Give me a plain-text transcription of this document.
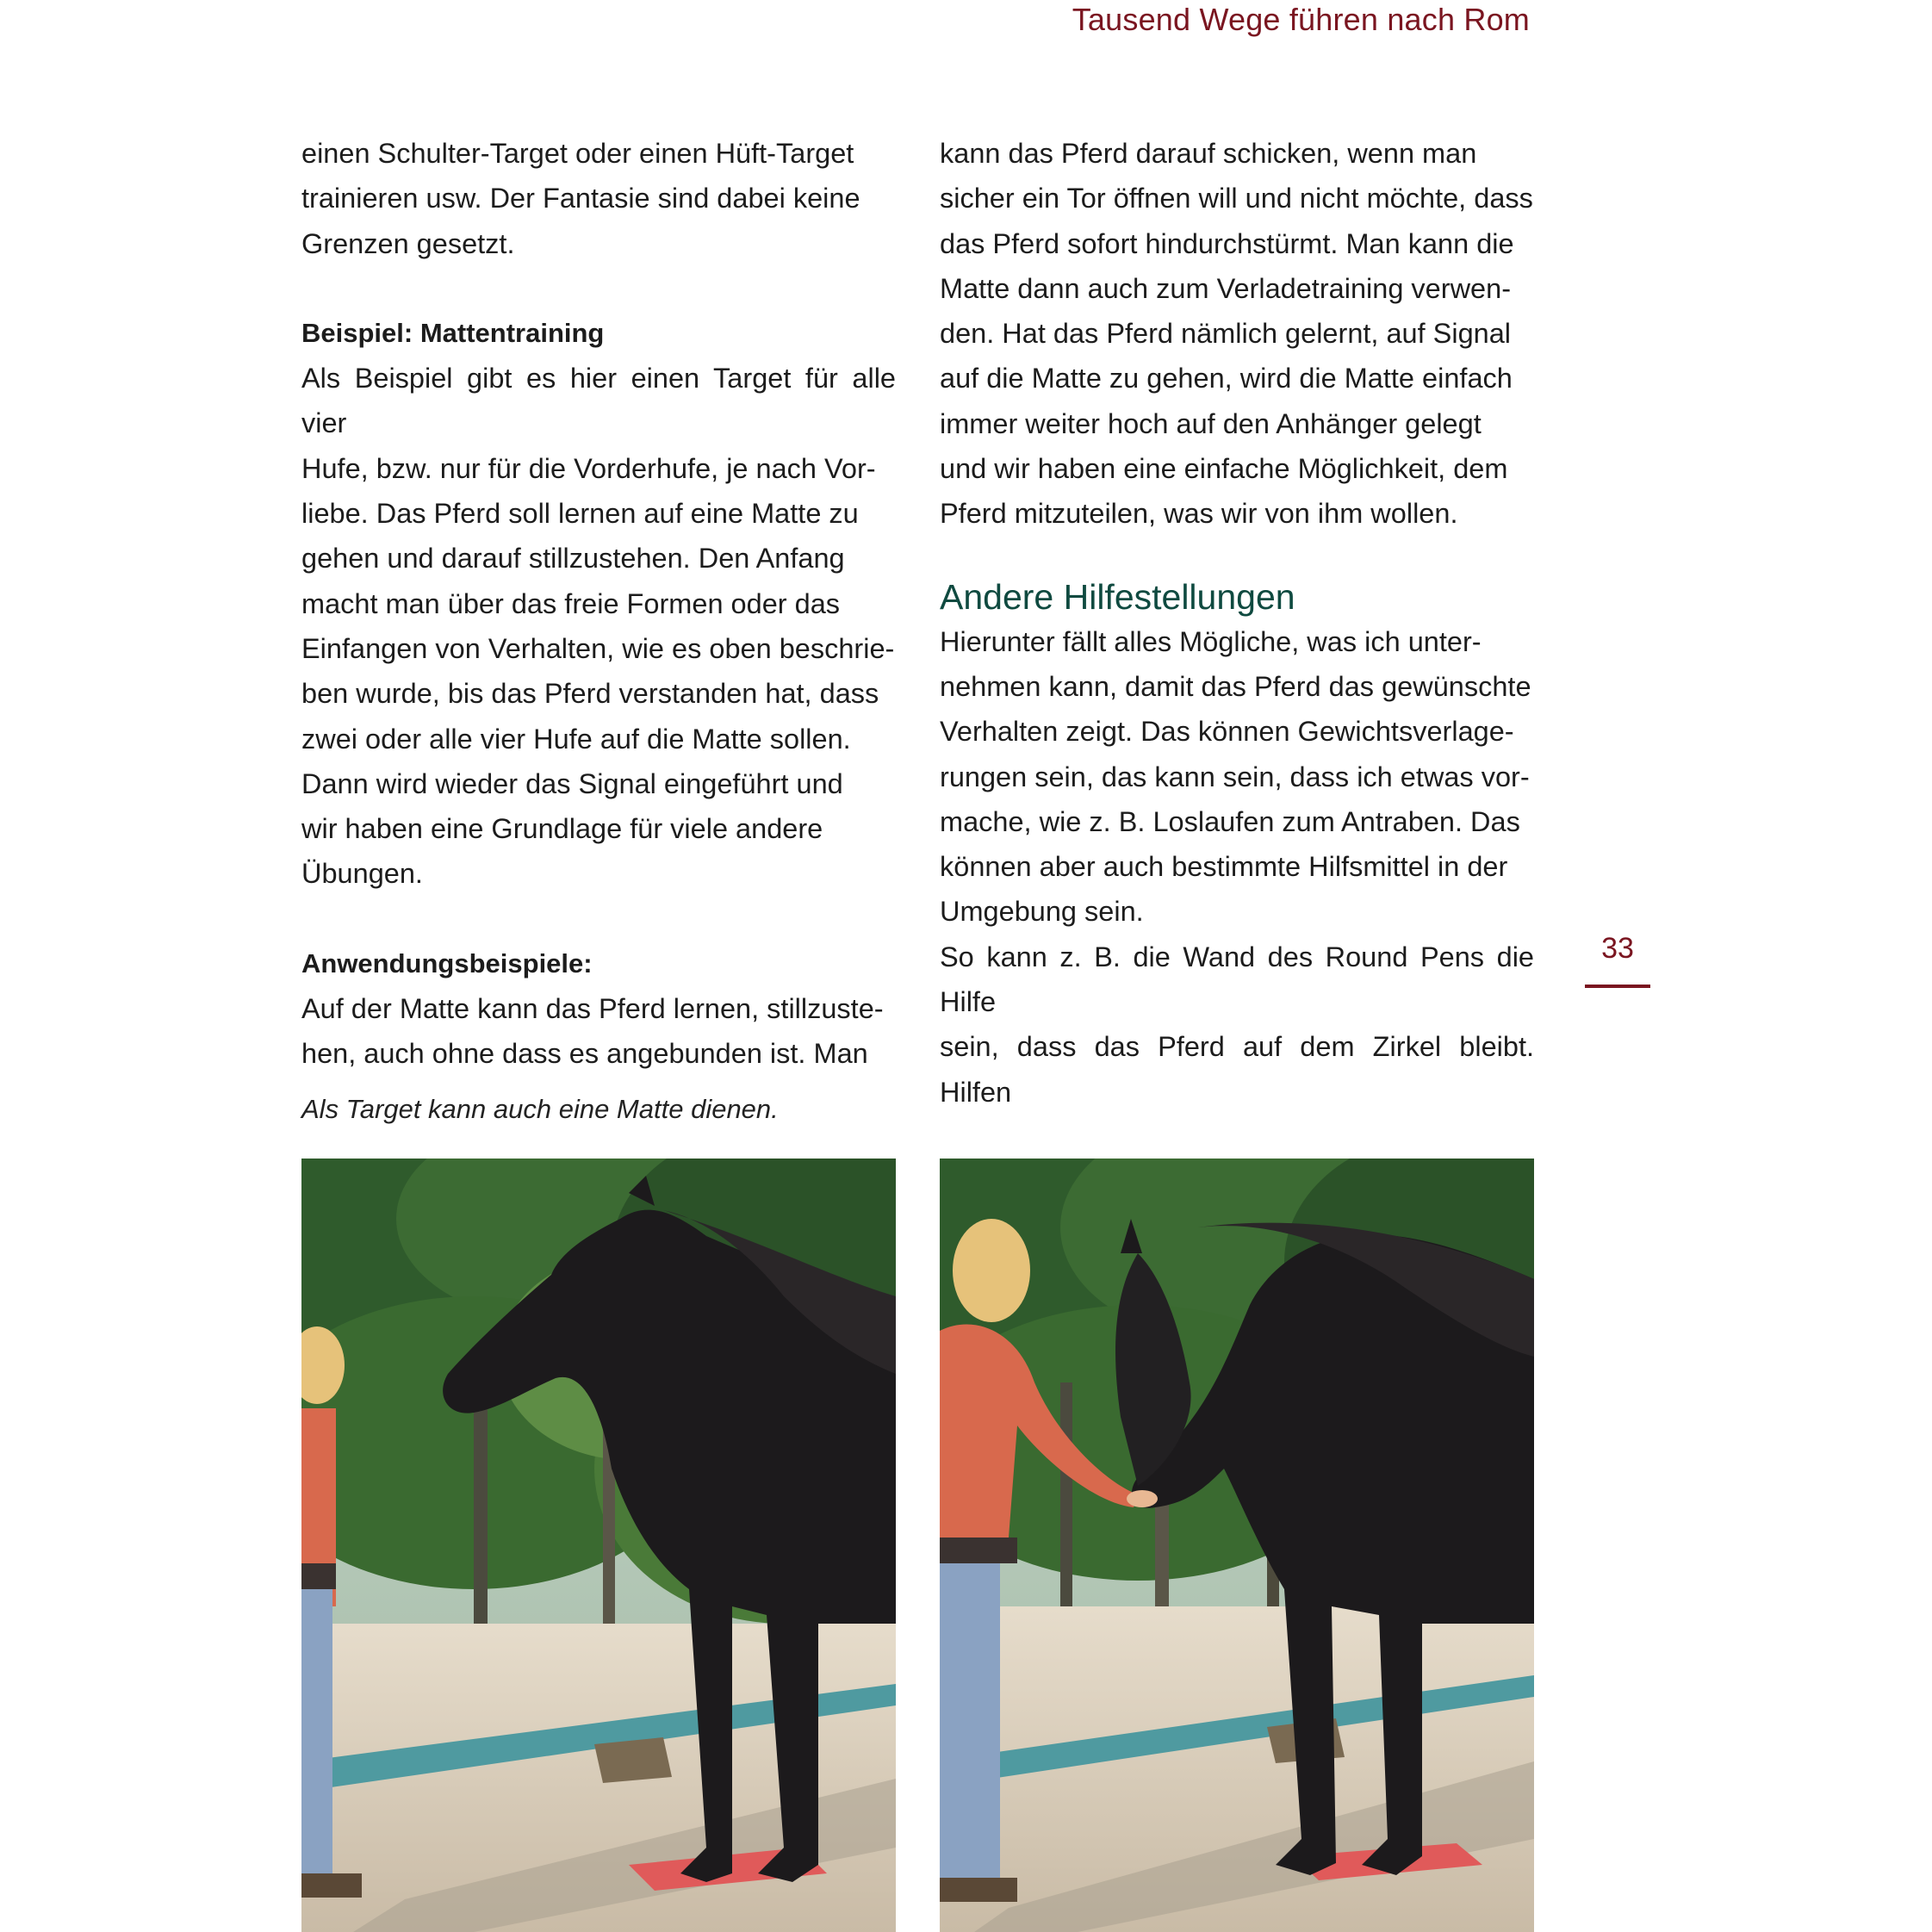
Tausend Wege führen nach Rom

einen Schulter-Target oder einen Hüft-Target

trainieren usw. Der Fantasie sind dabei keine

Grenzen gesetzt.

Beispiel: Mattentraining

Als Beispiel gibt es hier einen Target für alle vier

Hufe, bzw. nur für die Vorderhufe, je nach Vor-

liebe. Das Pferd soll lernen auf eine Matte zu

gehen und darauf stillzustehen. Den Anfang

macht man über das freie Formen oder das

Einfangen von Verhalten, wie es oben beschrie-

ben wurde, bis das Pferd verstanden hat, dass

zwei oder alle vier Hufe auf die Matte sollen.

Dann wird wieder das Signal eingeführt und

wir haben eine Grundlage für viele andere

Übungen.

Anwendungsbeispiele:

Auf der Matte kann das Pferd lernen, stillzuste-

hen, auch ohne dass es angebunden ist. Man

kann das Pferd darauf schicken, wenn man

sicher ein Tor öffnen will und nicht möchte, dass

das Pferd sofort hindurchstürmt. Man kann die

Matte dann auch zum Verladetraining verwen-

den. Hat das Pferd nämlich gelernt, auf Signal

auf die Matte zu gehen, wird die Matte einfach

immer weiter hoch auf den Anhänger gelegt

und wir haben eine einfache Möglichkeit, dem

Pferd mitzuteilen, was wir von ihm wollen.

Andere Hilfestellungen

Hierunter fällt alles Mögliche, was ich unter-

nehmen kann, damit das Pferd das gewünschte

Verhalten zeigt. Das können Gewichtsverlage-

rungen sein, das kann sein, dass ich etwas vor-

mache, wie z. B. Loslaufen zum Antraben. Das

können aber auch bestimmte Hilfsmittel in der

Umgebung sein.

So kann z. B. die Wand des Round Pens die Hilfe

sein, dass das Pferd auf dem Zirkel bleibt. Hilfen

33
Als Target kann auch eine Matte dienen.
